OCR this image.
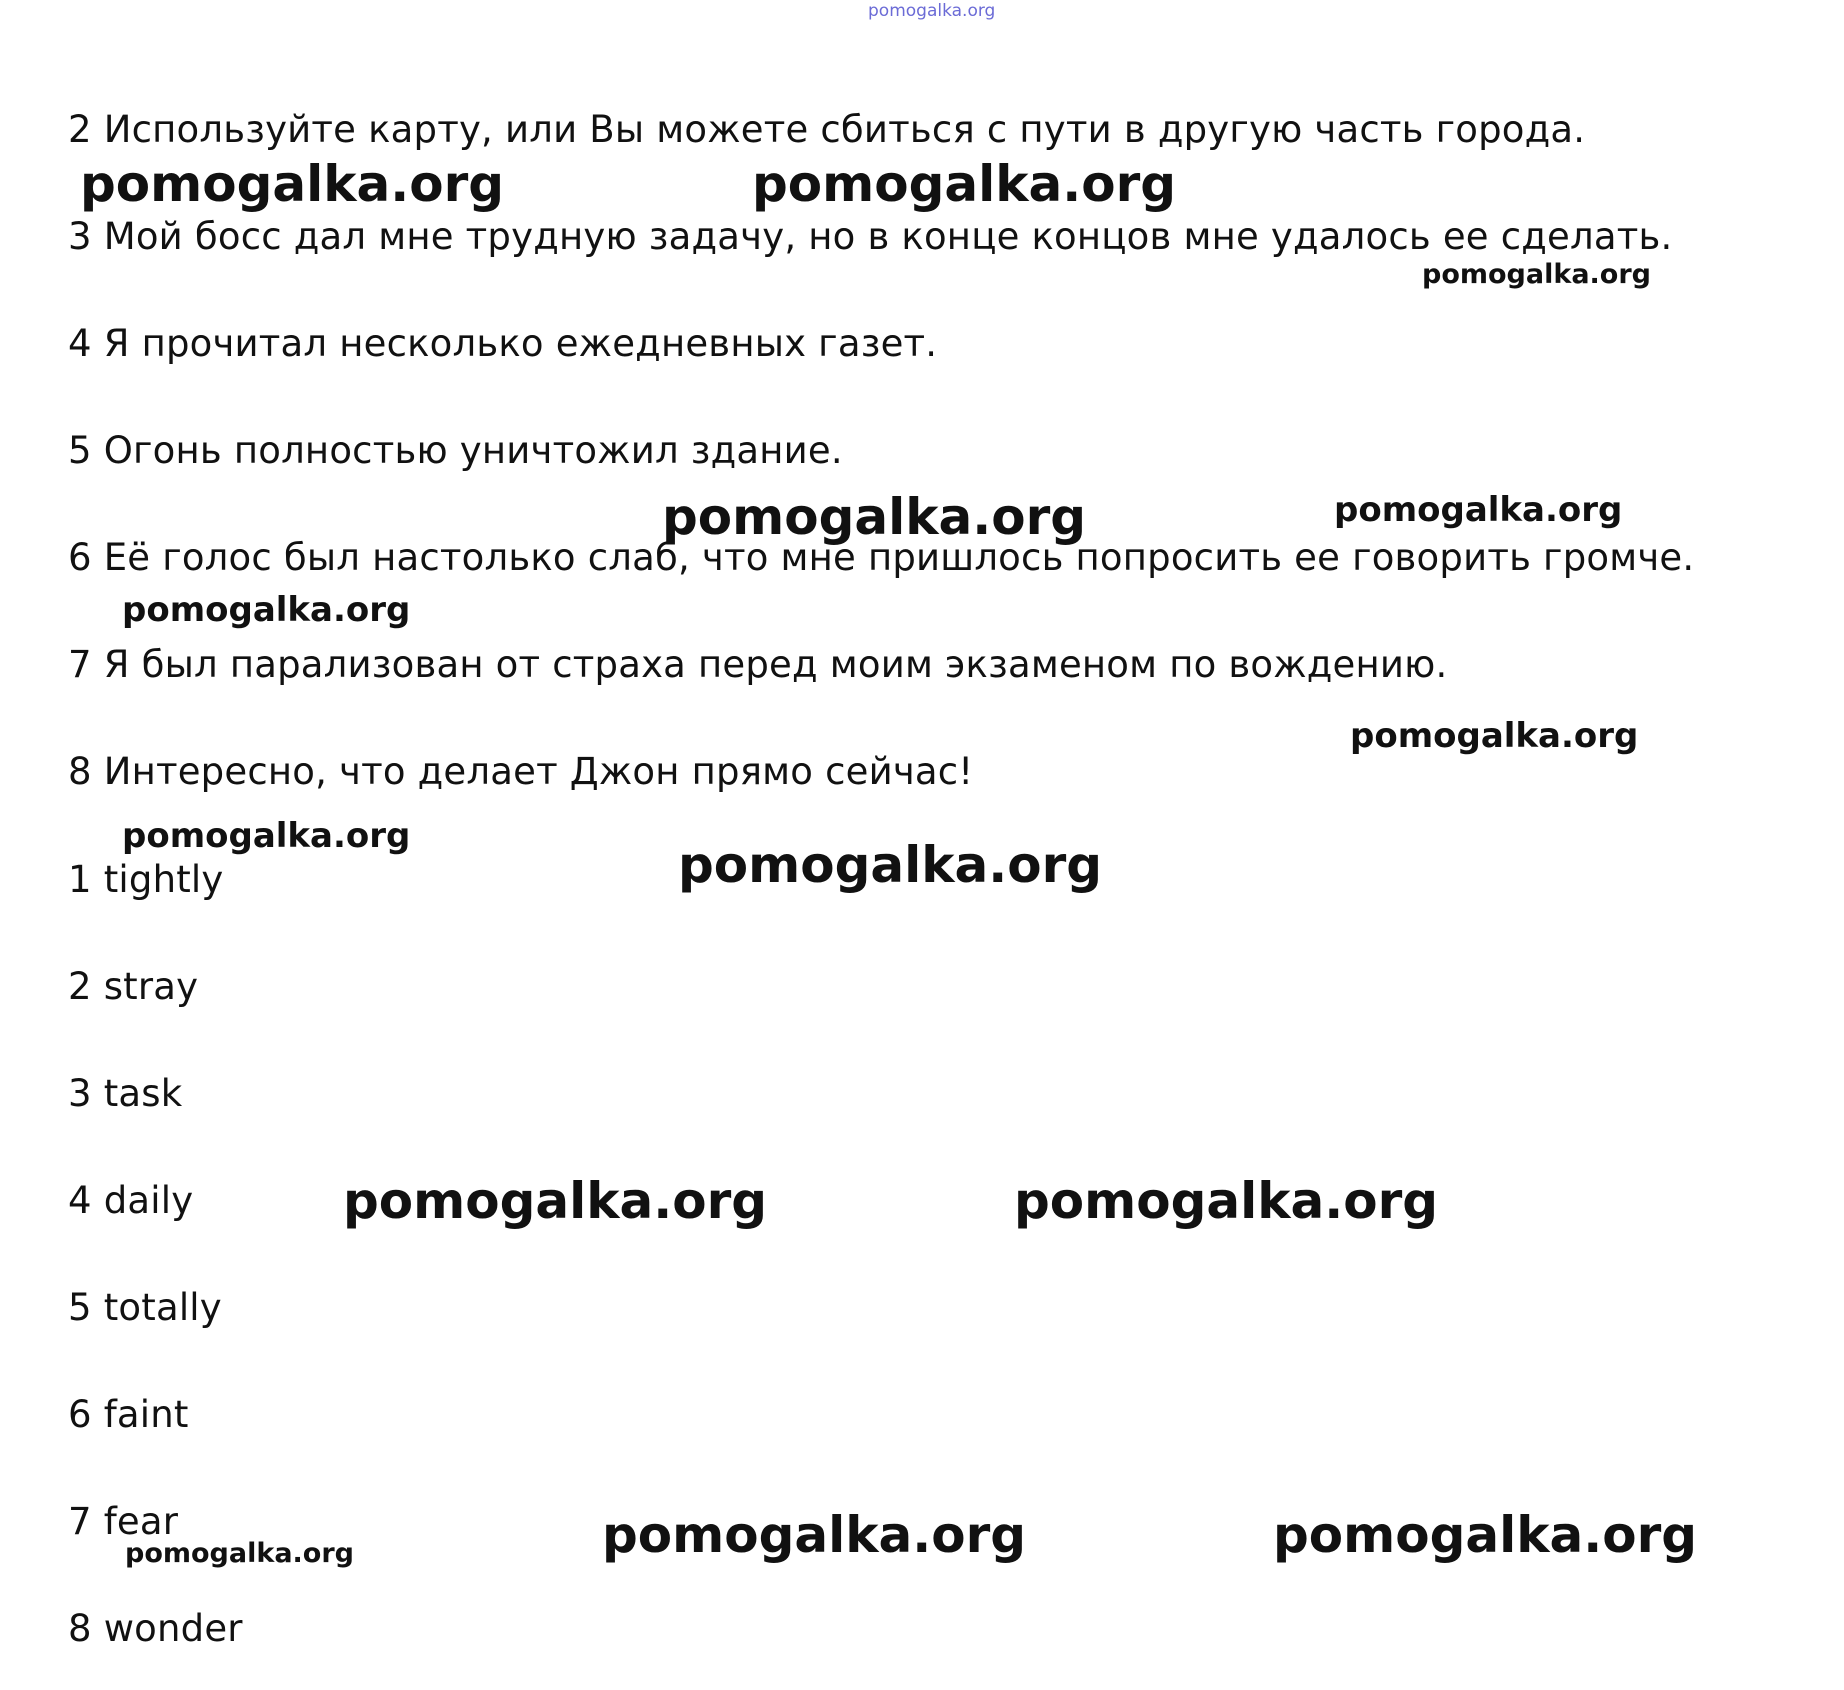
pomogalka.org
2 Используйте карту, или Вы можете сбиться с пути в другую часть города.
3 Мой босс дал мне трудную задачу, но в конце концов мне удалось ее сделать.
4 Я прочитал несколько ежедневных газет.
5 Огонь полностью уничтожил здание.
6 Её голос был настолько слаб, что мне пришлось попросить ее говорить громче.
7 Я был парализован от страха перед моим экзаменом по вождению.
8 Интересно, что делает Джон прямо сейчас!
1 tightly
2 stray
3 task
4 daily
5 totally
6 faint
7 fear
8 wonder
pomogalka.org	pomogalka.org
pomogalka.org
pomogalka.org	pomogalka.org
pomogalka.org
pomogalka.org
pomogalka.org	pomogalka.org
pomogalka.org	pomogalka.org
pomogalka.org	pomogalka.org	pomogalka.org
